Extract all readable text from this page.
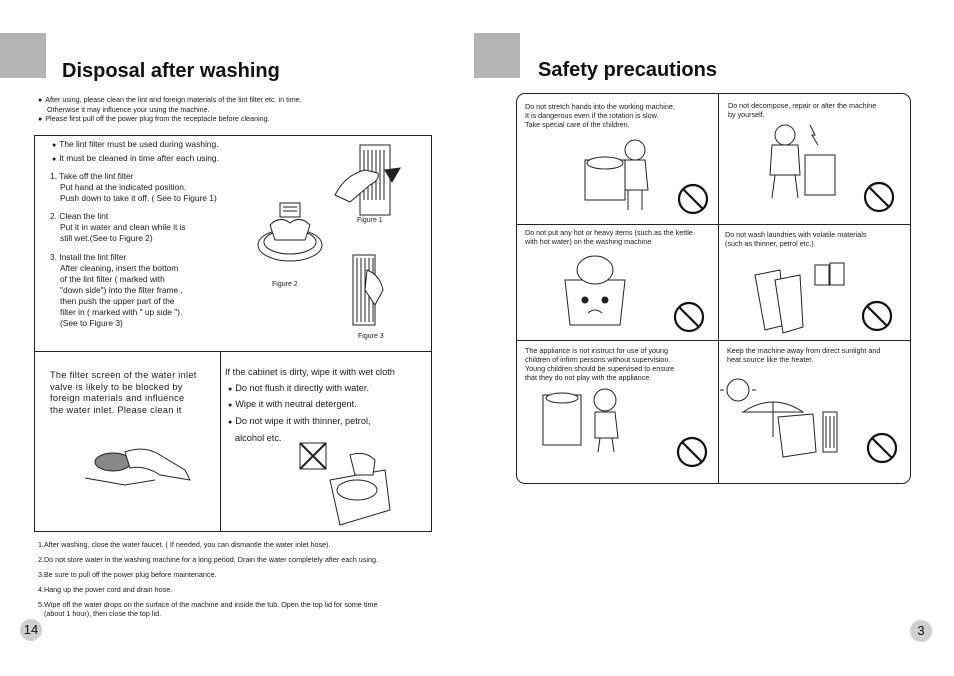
Disposal after washing
● After using, please clean the lint and foreign materials of the lint filter etc. in time.
Otherwise it may influence your using the machine.
● Please first pull off the power plug from the receptacle before cleaning.
● The lint filter must be used during washing.
● It must be cleaned in time after each using.
1. Take off the lint filter
Put hand at the indicated position.
Push down to take it off. ( See to Figure 1)
2. Clean the lint
Put it in water and clean while it is
still wet.(See to Figure 2)
3. Install the lint filter
After cleaning, insert the bottom
of the lint filter ( marked with
"down side") into the filter frame ,
then push the upper part of the
filter in ( marked with " up side ").
(See to Figure 3)
Figure 1
Figure 2
Figure 3
The filter screen of the water inlet
valve is likely to be blocked by
foreign materials and influence
the water inlet. Please clean it
If the cabinet is dirty, wipe it with wet cloth
● Do not flush it directly with water.
● Wipe it with neutral detergent.
● Do not wipe it with thinner, petrol,
alcohol etc.
1.After washing, close the water faucet. ( If needed, you can dismantle the water inlet hose).
2.Do not store water in the washing machine for a long period. Drain the water completely after each using.
3.Be sure to pull off the power plug before maintenance.
4.Hang up the power cord and drain hose.
5.Wipe off the water drops on the surface of the machine and inside the tub. Open the top lid for some time
(about 1 hour), then close the top lid.
14
Safety precautions
Do not stretch hands into the working machine.
It is dangerous even if the rotation is slow.
Take special care of the children.
Do not decompose, repair or alter the machine
by yourself.
Do not put any hot or heavy items (such as the kettle
with hot water) on the washing machine
Do not wash laundries with volatile materials
(such as thinner, petrol etc.).
The appliance is not instruct for use of young
children of infirm persons without supervision.
Young children should be supervised to ensure
that they do not play with the appliance.
Keep the machine away from direct sunlight and
heat source like the heater.
3
